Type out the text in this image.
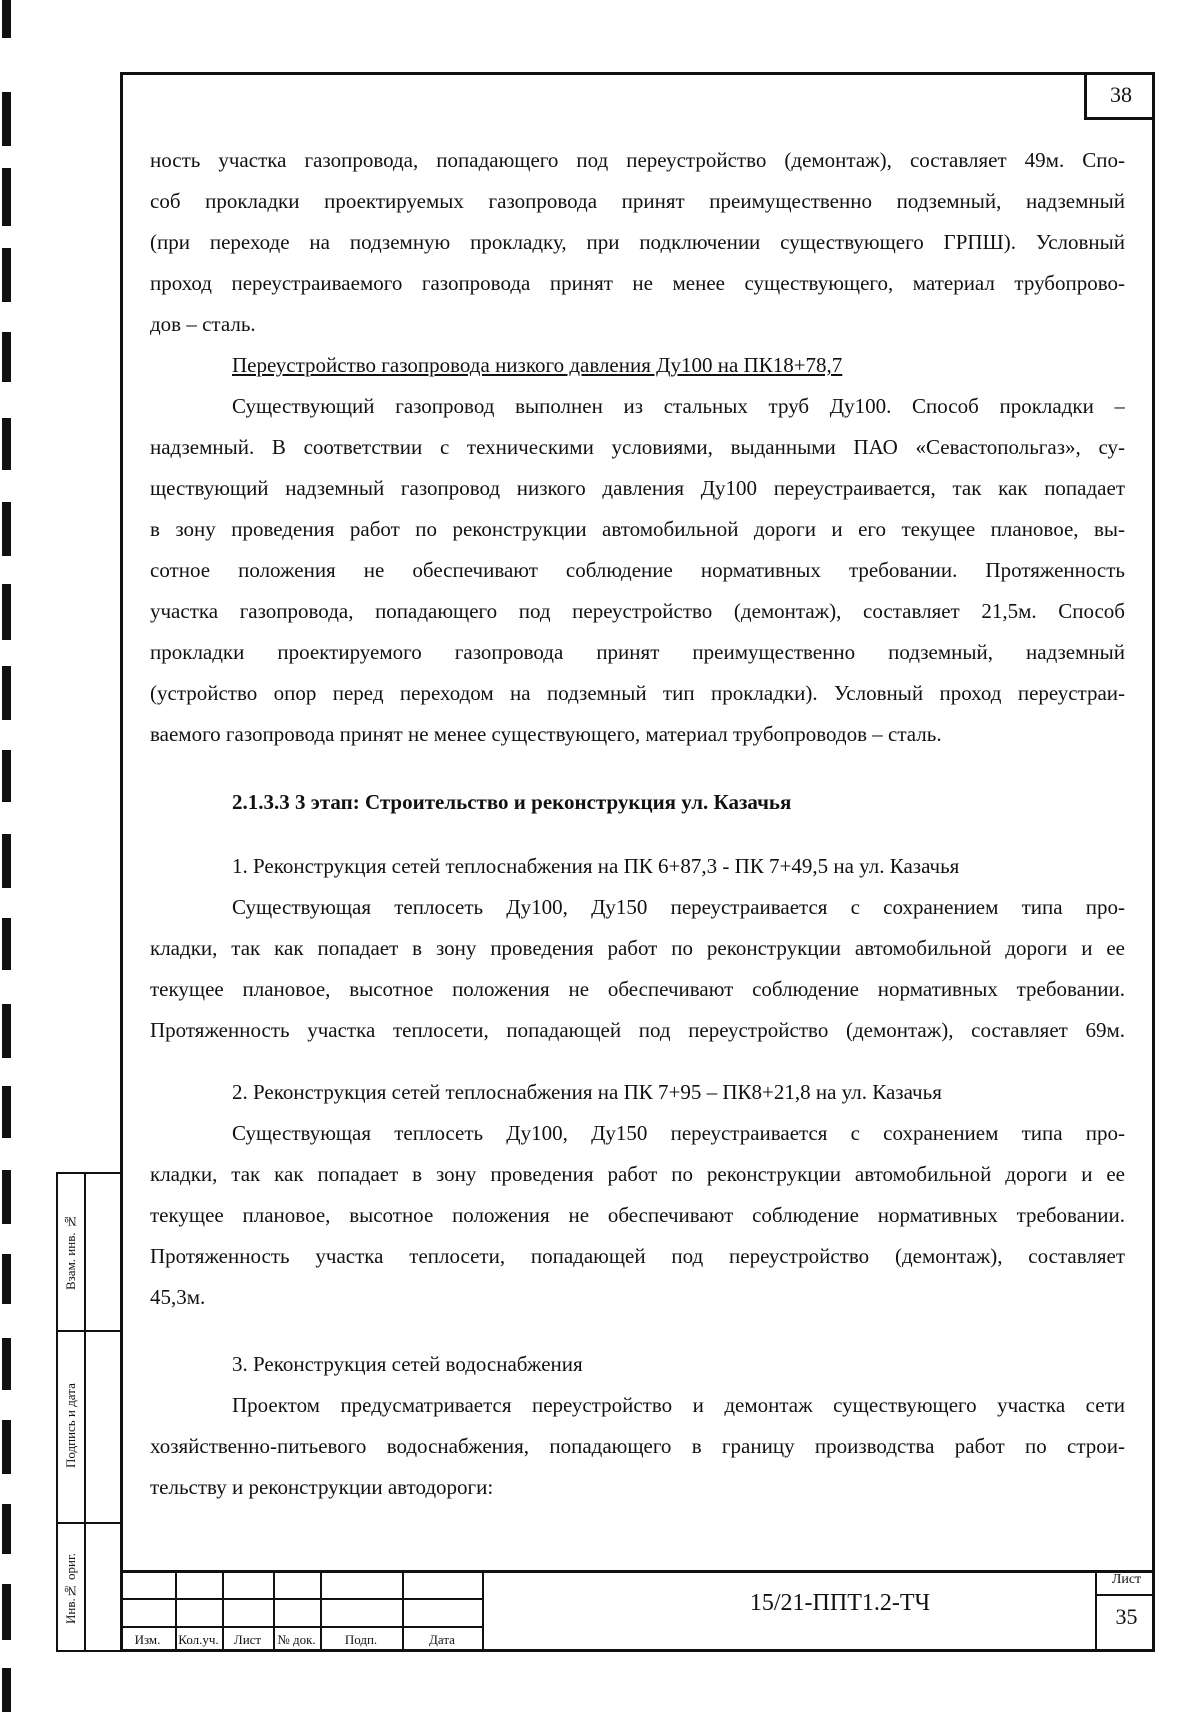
38
ность участка газопровода, попадающего под переустройство (демонтаж), составляет 49м. Спо-
соб прокладки проектируемых газопровода принят преимущественно подземный, надземный
(при переходе на подземную прокладку, при подключении существующего ГРПШ). Условный
проход переустраиваемого газопровода принят не менее существующего, материал трубопрово-
дов – сталь.
Переустройство газопровода низкого давления Ду100 на ПК18+78,7
Существующий газопровод выполнен из стальных труб Ду100. Способ прокладки –
надземный. В соответствии с техническими условиями, выданными ПАО «Севастопольгаз», су-
ществующий надземный газопровод низкого давления Ду100 переустраивается, так как попадает
в зону проведения работ по реконструкции автомобильной дороги и его текущее плановое, вы-
сотное положения не обеспечивают соблюдение нормативных требовании. Протяженность
участка газопровода, попадающего под переустройство (демонтаж), составляет 21,5м. Способ
прокладки проектируемого газопровода принят преимущественно подземный, надземный
(устройство опор перед переходом на подземный тип прокладки). Условный проход переустраи-
ваемого газопровода принят не менее существующего, материал трубопроводов – сталь.
2.1.3.3 3 этап: Строительство и реконструкция ул. Казачья
1. Реконструкция сетей теплоснабжения на ПК 6+87,3 - ПК 7+49,5 на ул. Казачья
Существующая теплосеть Ду100, Ду150 переустраивается с сохранением типа про-
кладки, так как попадает в зону проведения работ по реконструкции автомобильной дороги и ее
текущее плановое, высотное положения не обеспечивают соблюдение нормативных требовании.
Протяженность участка теплосети, попадающей под переустройство (демонтаж), составляет 69м.
2. Реконструкция сетей теплоснабжения на ПК 7+95 – ПК8+21,8 на ул. Казачья
Существующая теплосеть Ду100, Ду150 переустраивается с сохранением типа про-
кладки, так как попадает в зону проведения работ по реконструкции автомобильной дороги и ее
текущее плановое, высотное положения не обеспечивают соблюдение нормативных требовании.
Протяженность участка теплосети, попадающей под переустройство (демонтаж), составляет
45,3м.
3. Реконструкция сетей водоснабжения
Проектом предусматривается переустройство и демонтаж существующего участка сети
хозяйственно-питьевого водоснабжения, попадающего в границу производства работ по строи-
тельству и реконструкции автодороги:
Взам. инв. №
Подпись и дата
Инв.№ ориг.
Изм.	Кол.уч.	Лист	№ док.	Подп.	Дата
15/21-ППТ1.2-ТЧ
Лист
35
